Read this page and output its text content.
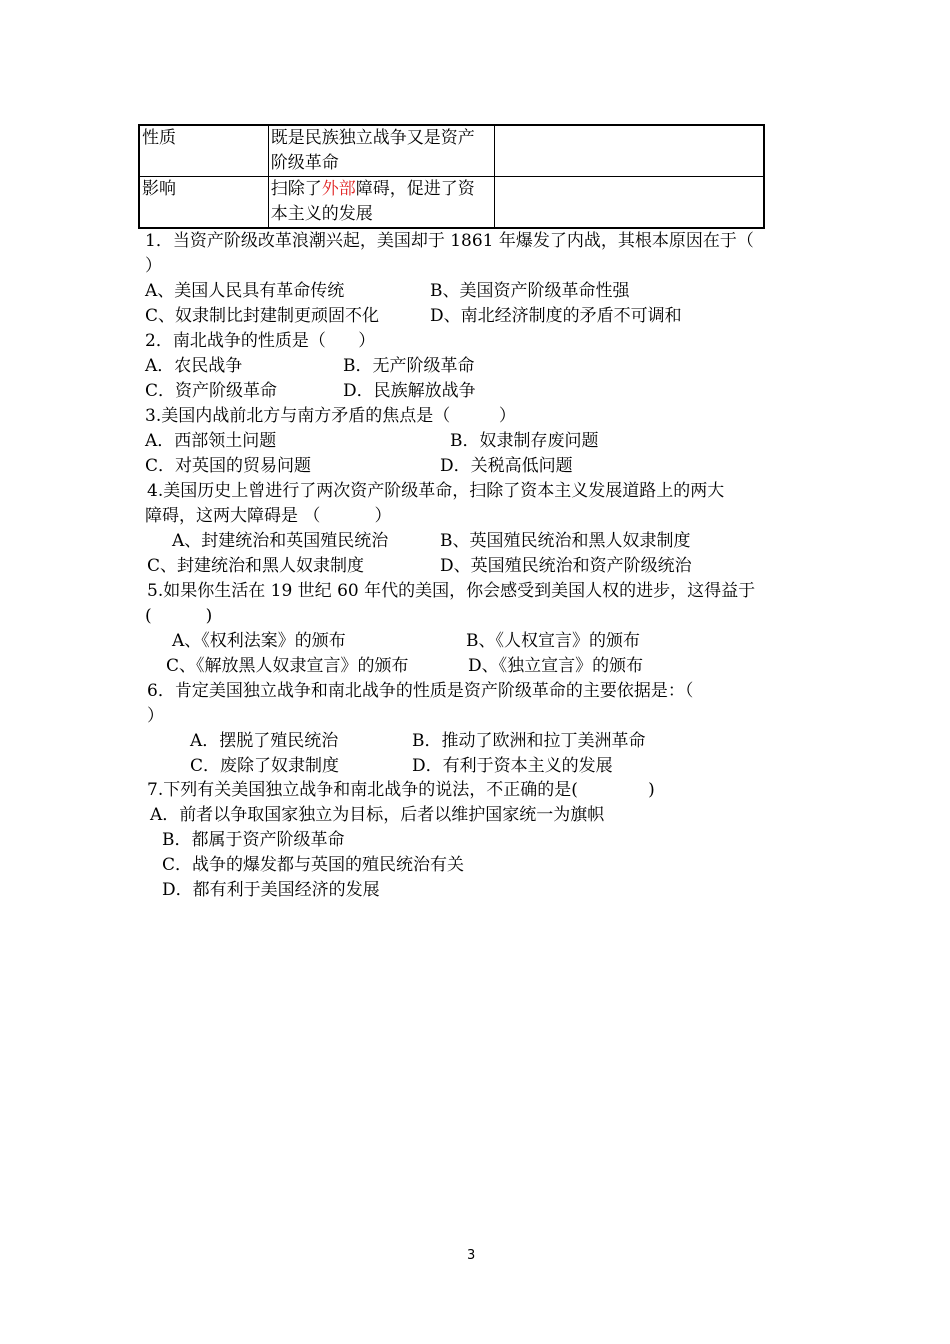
性质	既是民族独立战争又是资产阶级革命	
影响	扫除了外部障碍，促进了资本主义的发展	
1．当资产阶级改革浪潮兴起，美国却于 1861 年爆发了内战，其根本原因在于（
）
A、美国人民具有革命传统	B、美国资产阶级革命性强
C、奴隶制比封建制更顽固不化	D、南北经济制度的矛盾不可调和
2．南北战争的性质是（      ）
A．农民战争	B．无产阶级革命
C．资产阶级革命	D．民族解放战争
3.美国内战前北方与南方矛盾的焦点是（         ）
A．西部领土问题	B．奴隶制存废问题
C．对英国的贸易问题	D．关税高低问题
4.美国历史上曾进行了两次资产阶级革命，扫除了资本主义发展道路上的两大
障碍，这两大障碍是 （          ）
A、封建统治和英国殖民统治	B、英国殖民统治和黑人奴隶制度
C、封建统治和黑人奴隶制度	D、英国殖民统治和资产阶级统治
5.如果你生活在 19 世纪 60 年代的美国，你会感受到美国人权的进步，这得益于
(          )
A、《权利法案》的颁布	B、《人权宣言》的颁布
C、《解放黑人奴隶宣言》的颁布	D、《独立宣言》的颁布
6．肯定美国独立战争和南北战争的性质是资产阶级革命的主要依据是：（
）
A．摆脱了殖民统治	B．推动了欧洲和拉丁美洲革命
C．废除了奴隶制度	D．有利于资本主义的发展
7.下列有关美国独立战争和南北战争的说法，不正确的是(             )
A．前者以争取国家独立为目标，后者以维护国家统一为旗帜
B．都属于资产阶级革命
C．战争的爆发都与英国的殖民统治有关
D．都有利于美国经济的发展
3
